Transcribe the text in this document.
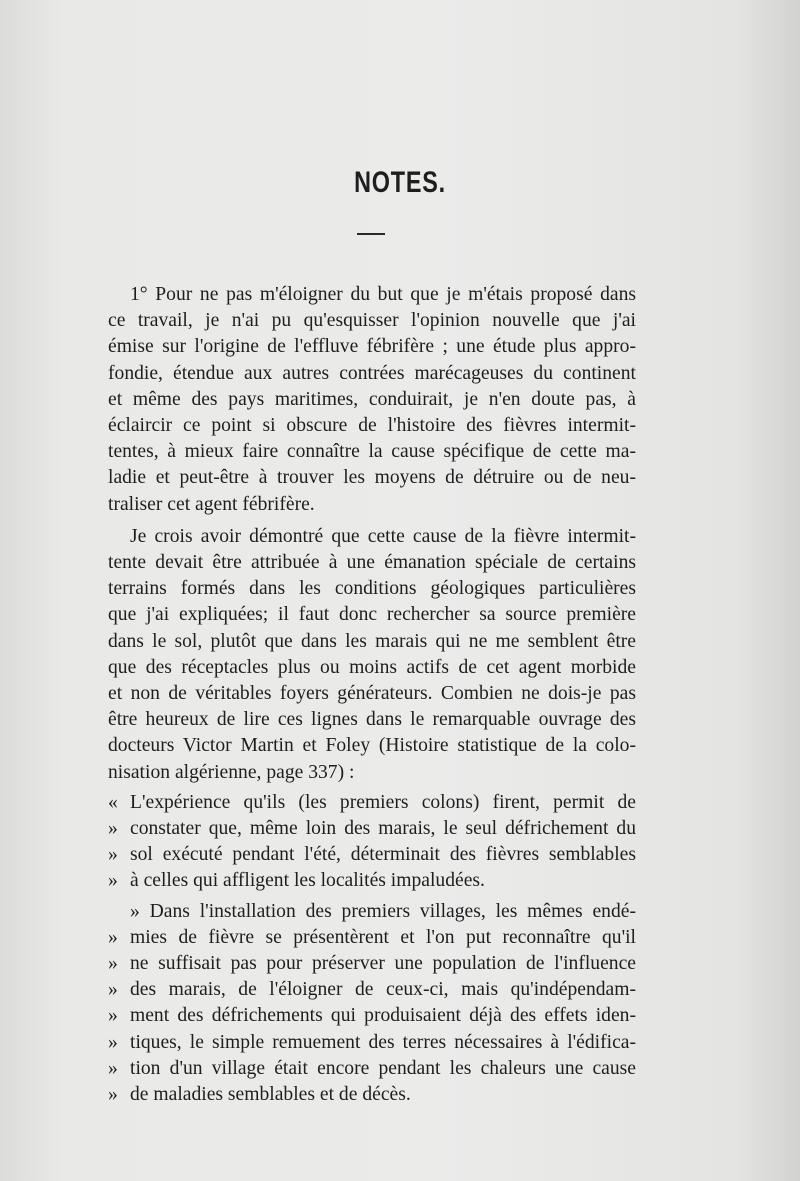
NOTES.
1° Pour ne pas m'éloigner du but que je m'étais proposé dans
ce travail, je n'ai pu qu'esquisser l'opinion nouvelle que j'ai
émise sur l'origine de l'effluve fébrifère ; une étude plus appro-
fondie, étendue aux autres contrées marécageuses du continent
et même des pays maritimes, conduirait, je n'en doute pas, à
éclaircir ce point si obscure de l'histoire des fièvres intermit-
tentes, à mieux faire connaître la cause spécifique de cette ma-
ladie et peut-être à trouver les moyens de détruire ou de neu-
traliser cet agent fébrifère.
Je crois avoir démontré que cette cause de la fièvre intermit-
tente devait être attribuée à une émanation spéciale de certains
terrains formés dans les conditions géologiques particulières
que j'ai expliquées; il faut donc rechercher sa source première
dans le sol, plutôt que dans les marais qui ne me semblent être
que des réceptacles plus ou moins actifs de cet agent morbide
et non de véritables foyers générateurs. Combien ne dois-je pas
être heureux de lire ces lignes dans le remarquable ouvrage des
docteurs Victor Martin et Foley (Histoire statistique de la colo-
nisation algérienne, page 337) :
« L'expérience qu'ils (les premiers colons) firent, permit de
» constater que, même loin des marais, le seul défrichement du
» sol exécuté pendant l'été, déterminait des fièvres semblables
» à celles qui affligent les localités impaludées.
» Dans l'installation des premiers villages, les mêmes endé-
» mies de fièvre se présentèrent et l'on put reconnaître qu'il
» ne suffisait pas pour préserver une population de l'influence
» des marais, de l'éloigner de ceux-ci, mais qu'indépendam-
» ment des défrichements qui produisaient déjà des effets iden-
» tiques, le simple remuement des terres nécessaires à l'édifica-
» tion d'un village était encore pendant les chaleurs une cause
» de maladies semblables et de décès.
